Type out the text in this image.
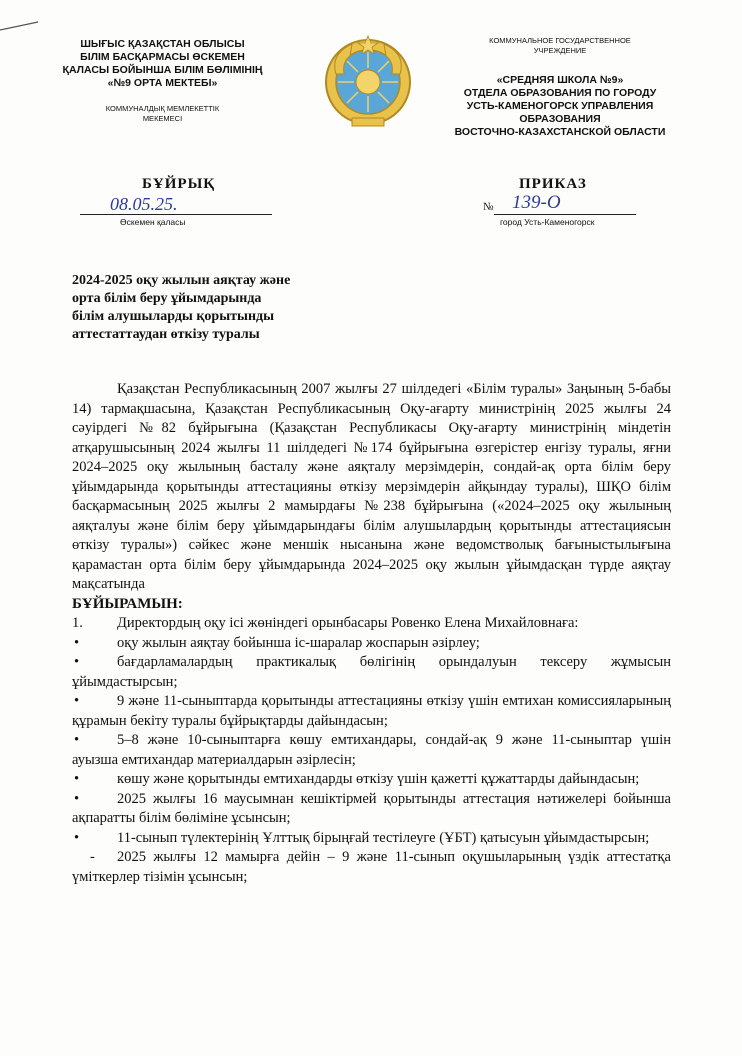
ШЫҒЫС ҚАЗАҚСТАН ОБЛЫСЫ
БІЛІМ БАСҚАРМАСЫ ӨСКЕМЕН
ҚАЛАСЫ БОЙЫНША БІЛІМ БӨЛІМІНІҢ
«№9 ОРТА МЕКТЕБІ»
КОММУНАЛДЫҚ МЕМЛЕКЕТТІК
МЕКЕМЕСІ
КОММУНАЛЬНОЕ ГОСУДАРСТВЕННОЕ
УЧРЕЖДЕНИЕ
«СРЕДНЯЯ ШКОЛА №9»
ОТДЕЛА ОБРАЗОВАНИЯ ПО ГОРОДУ
УСТЬ-КАМЕНОГОРСК УПРАВЛЕНИЯ
ОБРАЗОВАНИЯ
ВОСТОЧНО-КАЗАХСТАНСКОЙ ОБЛАСТИ
БҰЙРЫҚ	ПРИКАЗ
08.05.25.
Өскемен қаласы
№ 139-О
город Усть-Каменогорск
2024-2025 оқу жылын аяқтау және
орта білім беру ұйымдарында
білім алушыларды қорытынды
аттестаттаудан өткізу туралы

Қазақстан Республикасының 2007 жылғы 27 шілдедегі «Білім туралы» Заңының 5-бабы 14) тармақшасына, Қазақстан Республикасының Оқу-ағарту министрінің 2025 жылғы 24 сәуірдегі №82 бұйрығына (Қазақстан Республикасы Оқу-ағарту министрінің міндетін атқарушысының 2024 жылғы 11 шілдедегі №174 бұйрығына өзгерістер енгізу туралы, яғни 2024–2025 оқу жылының басталу және аяқталу мерзімдерін, сондай-ақ орта білім беру ұйымдарында қорытынды аттестацияны өткізу мерзімдерін айқындау туралы), ШҚО білім басқармасының 2025 жылғы 2 мамырдағы №238 бұйрығына («2024–2025 оқу жылының аяқталуы және білім беру ұйымдарындағы білім алушылардың қорытынды аттестациясын өткізу туралы») сәйкес және меншік нысанына және ведомстволық бағыныстылығына қарамастан орта білім беру ұйымдарында 2024–2025 оқу жылын ұйымдасқан түрде аяқтау мақсатында

БҰЙЫРАМЫН:

1. Директордың оқу ісі жөніндегі орынбасары Ровенко Елена Михайловнаға:

•	оқу жылын аяқтау бойынша іс-шаралар жоспарын әзірлеу;
•	бағдарламалардың практикалық бөлігінің орындалуын тексеру жұмысын ұйымдастырсын;
•	9 және 11-сыныптарда қорытынды аттестацияны өткізу үшін емтихан комиссияларының құрамын бекіту туралы бұйрықтарды дайындасын;
•	5–8 және 10-сыныптарға көшу емтихандары, сондай-ақ 9 және 11-сыныптар үшін ауызша емтихандар материалдарын әзірлесін;
•	көшу және қорытынды емтихандарды өткізу үшін қажетті құжаттарды дайындасын;
•	2025 жылғы 16 маусымнан кешіктірмей қорытынды аттестация нәтижелері бойынша ақпаратты білім бөліміне ұсынсын;
•	11-сынып түлектерінің Ұлттық бірыңғай тестілеуге (ҰБТ) қатысуын ұйымдастырсын;
- 2025 жылғы 12 мамырға дейін – 9 және 11-сынып оқушыларының үздік аттестатқа үміткерлер тізімін ұсынсын;
